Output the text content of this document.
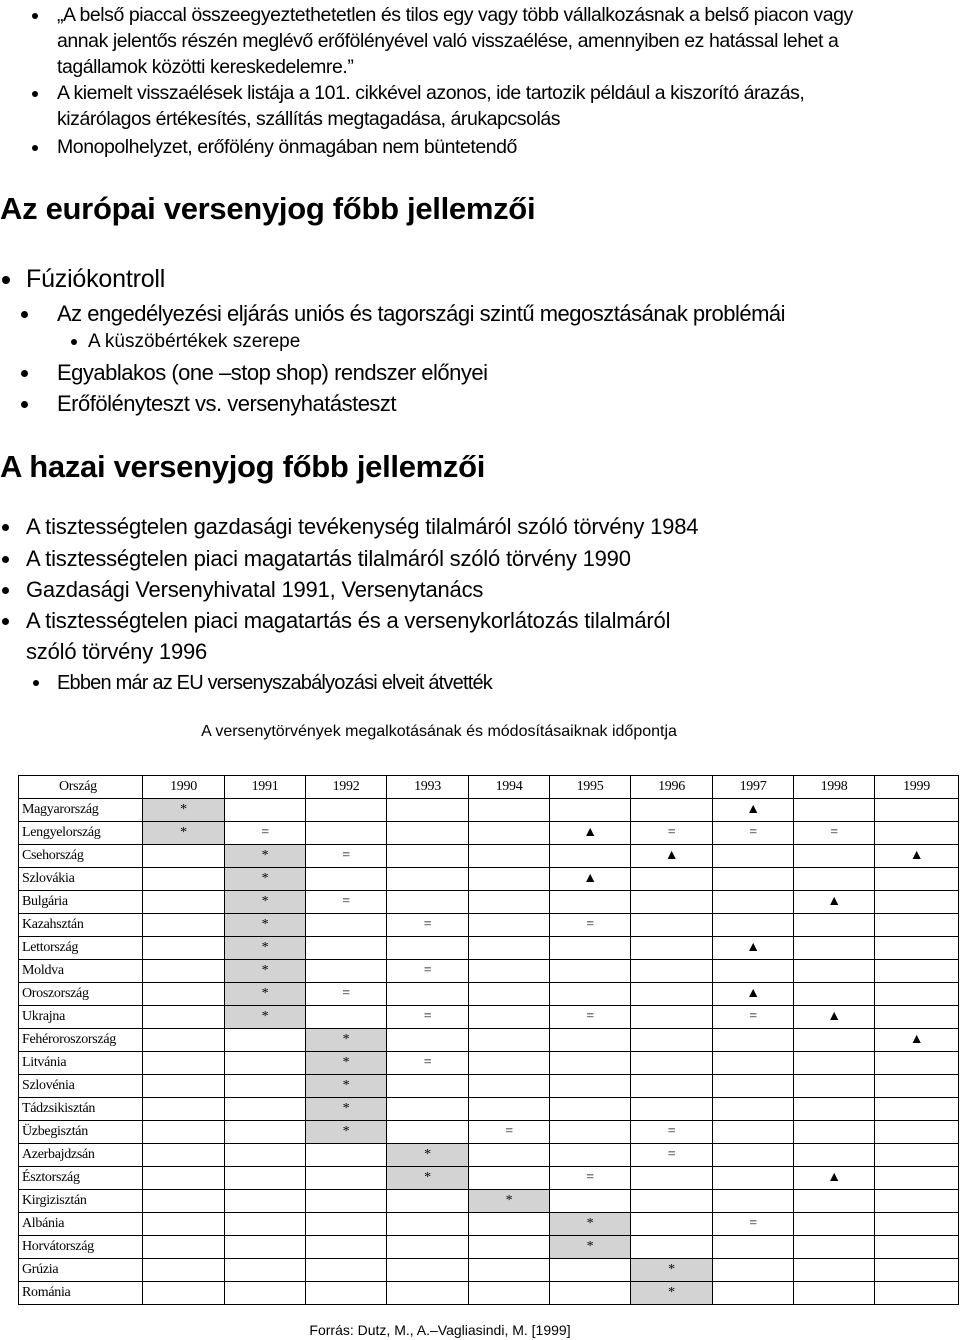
„A belső piaccal összeegyeztethetetlen és tilos egy vagy több vállalkozásnak a belső piacon vagy
annak jelentős részén meglévő erőfölényével való visszaélése, amennyiben ez hatással lehet a
tagállamok közötti kereskedelemre.”
A kiemelt visszaélések listája a 101. cikkével azonos, ide tartozik például a kiszorító árazás,
kizárólagos értékesítés, szállítás megtagadása, árukapcsolás
Monopolhelyzet, erőfölény önmagában nem büntetendő
Az európai versenyjog főbb jellemzői
Fúziókontroll
Az engedélyezési eljárás uniós és tagországi szintű megosztásának problémái
A küszöbértékek szerepe
Egyablakos (one –stop shop) rendszer előnyei
Erőfölényteszt vs. versenyhatásteszt
A hazai versenyjog főbb jellemzői
A tisztességtelen gazdasági tevékenység tilalmáról szóló törvény 1984
A tisztességtelen piaci magatartás tilalmáról szóló törvény 1990
Gazdasági Versenyhivatal 1991, Versenytanács
A tisztességtelen piaci magatartás és a versenykorlátozás tilalmáról
szóló törvény 1996
Ebben már az EU versenyszabályozási elveit átvették
A versenytörvények megalkotásának és módosításaiknak időpontja
Ország	1990	1991	1992	1993	1994	1995	1996	1997	1998	1999
Magyarország	*							▲		
Lengyelország	*	=				▲	=	=	=	
Csehország		*	=				▲			▲
Szlovákia		*				▲				
Bulgária		*	=						▲	
Kazahsztán		*		=		=				
Lettország		*						▲		
Moldva		*		=						
Oroszország		*	=					▲		
Ukrajna		*		=		=		=	▲	
Fehéroroszország			*							▲
Litvánia			*	=						
Szlovénia			*							
Tádzsikisztán			*							
Üzbegisztán			*		=		=			
Azerbajdzsán				*			=			
Észtország				*		=			▲	
Kirgizisztán					*					
Albánia						*		=		
Horvátország						*				
Grúzia							*			
Románia							*			
Forrás: Dutz, M., A.–Vagliasindi, M. [1999]
